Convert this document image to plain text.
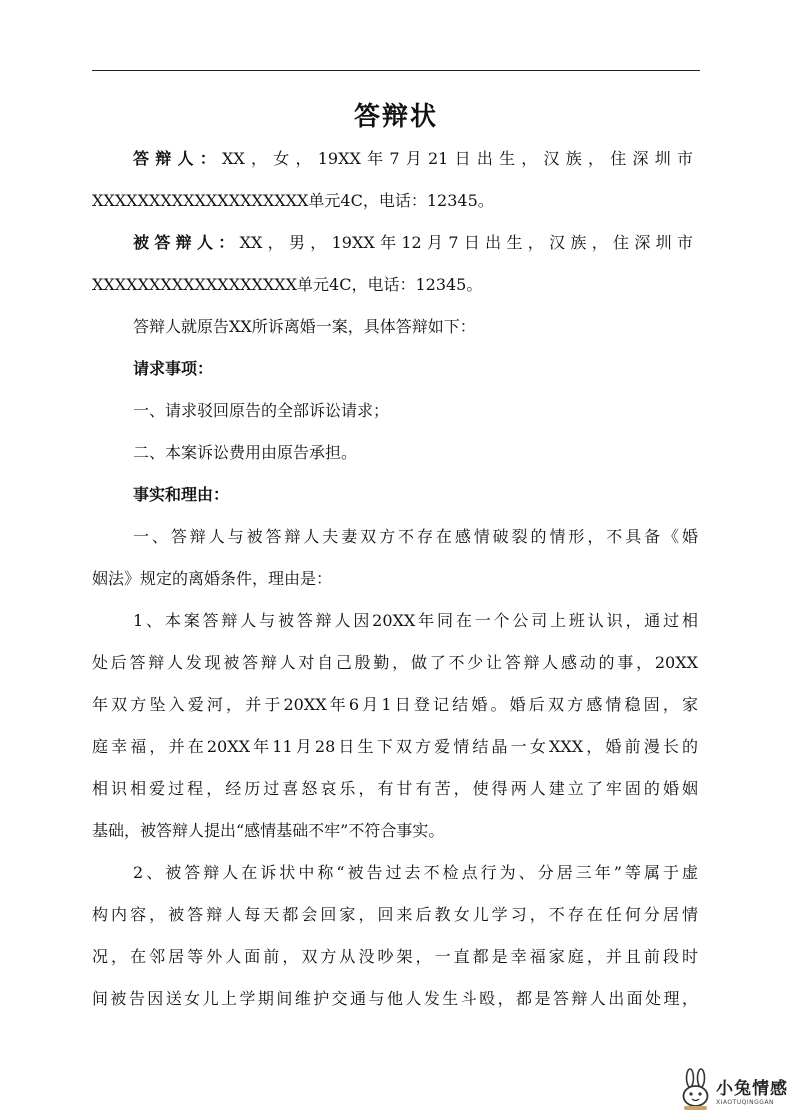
答辩状
答辩人：XX，女，19XX年7月21日出生，汉族，住深圳市
XXXXXXXXXXXXXXXXXXX单元4C，电话：12345。
被答辩人：XX，男，19XX年12月7日出生，汉族，住深圳市
XXXXXXXXXXXXXXXXXX单元4C，电话：12345。
答辩人就原告XX所诉离婚一案，具体答辩如下：
请求事项：
一、请求驳回原告的全部诉讼请求；
二、本案诉讼费用由原告承担。
事实和理由：
一、答辩人与被答辩人夫妻双方不存在感情破裂的情形，不具备《婚
姻法》规定的离婚条件，理由是：
1、本案答辩人与被答辩人因20XX年同在一个公司上班认识，通过相
处后答辩人发现被答辩人对自己殷勤，做了不少让答辩人感动的事，20XX
年双方坠入爱河，并于20XX年6月1日登记结婚。婚后双方感情稳固，家
庭幸福，并在20XX年11月28日生下双方爱情结晶一女XXX，婚前漫长的
相识相爱过程，经历过喜怒哀乐，有甘有苦，使得两人建立了牢固的婚姻
基础，被答辩人提出“感情基础不牢”不符合事实。
2、被答辩人在诉状中称“被告过去不检点行为、分居三年”等属于虚
构内容，被答辩人每天都会回家，回来后教女儿学习，不存在任何分居情
况，在邻居等外人面前，双方从没吵架，一直都是幸福家庭，并且前段时
间被告因送女儿上学期间维护交通与他人发生斗殴，都是答辩人出面处理，
小兔情感
XIAOTUQINGGAN
